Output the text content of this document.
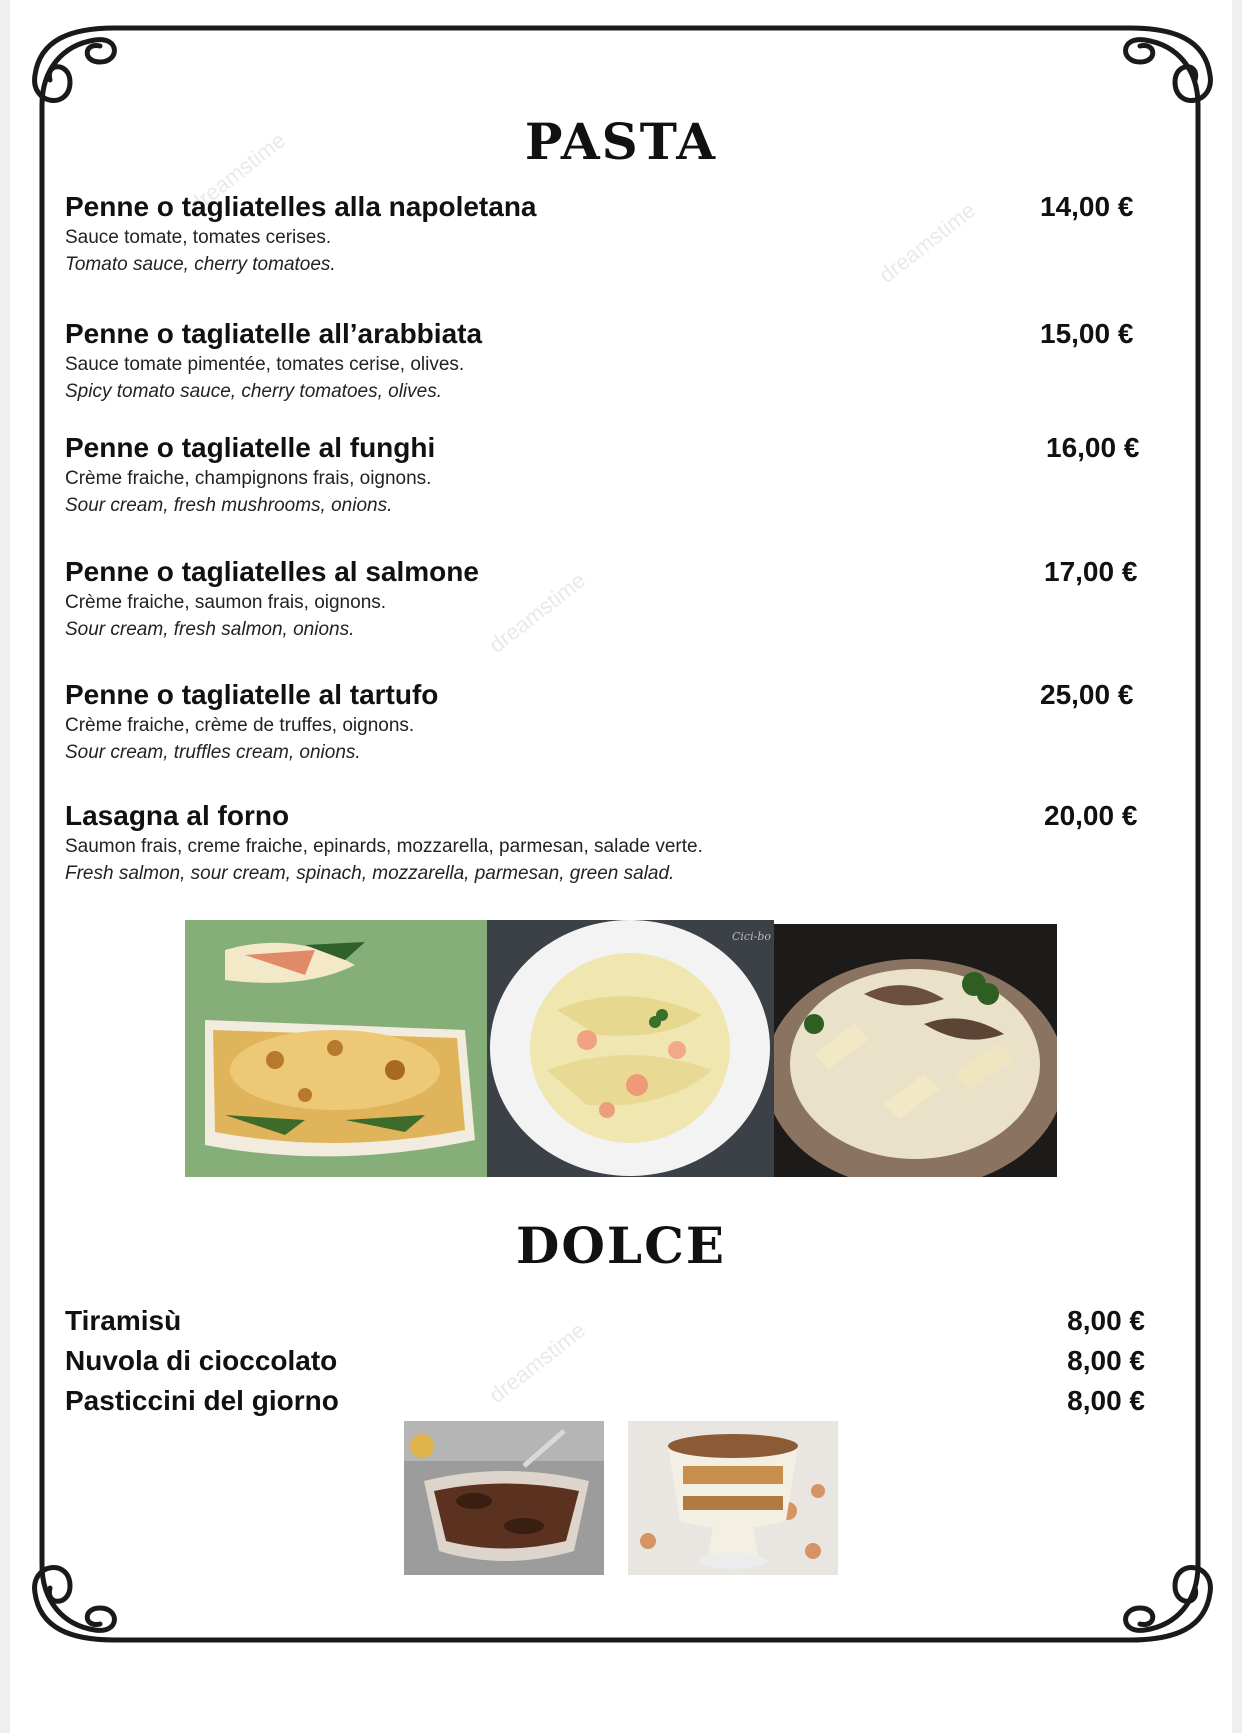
dreamstime
dreamstime
dreamstime
dreamstime
PASTA
Penne o tagliatelles alla napoletana
Sauce tomate, tomates cerises.
Tomato sauce, cherry tomatoes.
14,00 €
Penne o tagliatelle all’arabbiata
Sauce tomate pimentée, tomates cerise, olives.
Spicy tomato sauce, cherry tomatoes, olives.
15,00 €
Penne o tagliatelle al funghi
Crème fraiche, champignons frais, oignons.
Sour cream, fresh mushrooms, onions.
16,00 €
Penne o tagliatelles al salmone
Crème fraiche, saumon frais, oignons.
Sour cream, fresh salmon, onions.
17,00 €
Penne o tagliatelle al tartufo
Crème fraiche, crème de truffes, oignons.
Sour cream, truffles cream, onions.
25,00 €
Lasagna al forno
Saumon frais, creme fraiche, epinards, mozzarella, parmesan, salade verte.
Fresh salmon, sour cream, spinach, mozzarella, parmesan, green salad.
20,00 €
Cici-bo
DOLCE
Tiramisù	8,00 €
Nuvola di cioccolato	8,00 €
Pasticcini del giorno	8,00 €
